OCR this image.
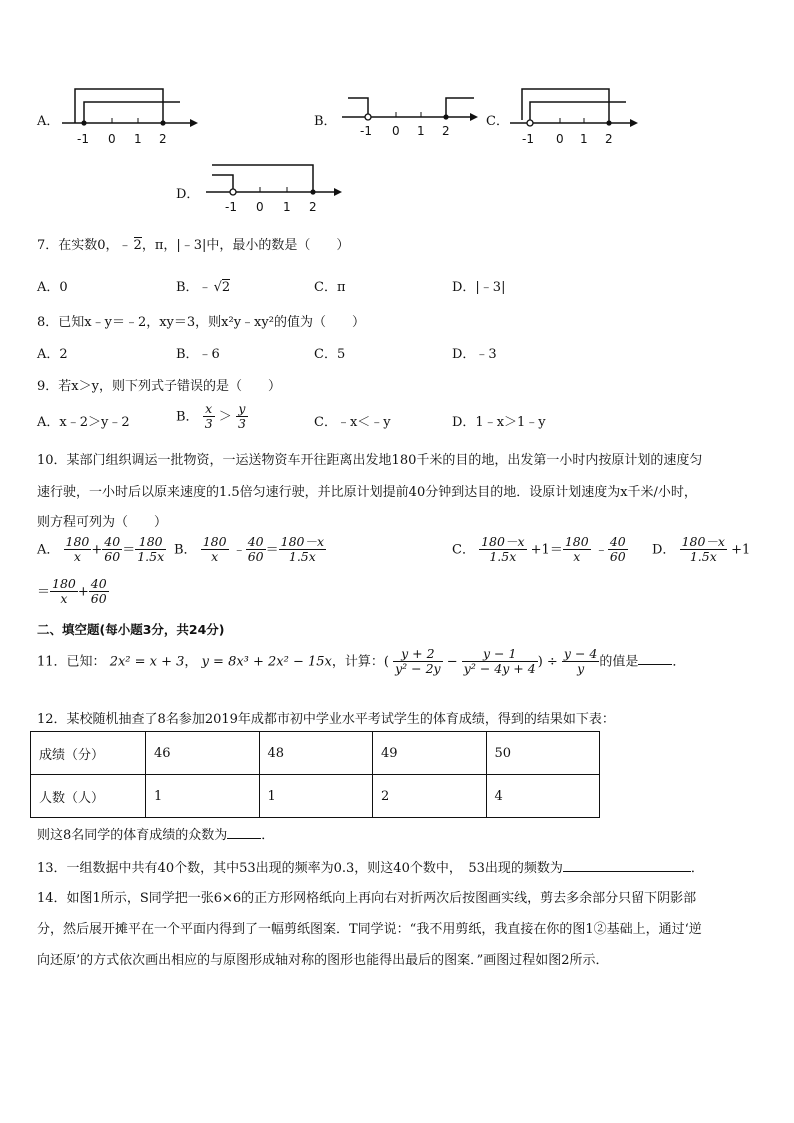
A．
-1 0 1 2
B．
-1 0 1 2
C．
-1 0 1 2
D．
-1 0 1 2
7．在实数0，﹣ 2，π，|﹣3|中，最小的数是（　　）
A．0	B．﹣ √2	C．π	D．|﹣3|
8．已知x﹣y＝﹣2，xy＝3，则x²y﹣xy²的值为（　　）
A．2	B．﹣6	C．5	D．﹣3
9．若x＞y，则下列式子错误的是（　　）
A．x﹣2＞y﹣2	B． $\frac{x}{3} > \frac{y}{3}$	C．﹣x＜﹣y	D．1﹣x＞1﹣y
10．某部门组织调运一批物资，一运送物资车开往距离出发地180千米的目的地，出发第一小时内按原计划的速度匀
速行驶，一小时后以原来速度的1.5倍匀速行驶，并比原计划提前40分钟到达目的地．设原计划速度为x千米/小时，
则方程可列为（　　）
A． $\frac{180}{x} + \frac{40}{60} = \frac{180}{1.5x}$ B． $\frac{180}{x}$ ﹣ $\frac{40}{60} = \frac{180-x}{1.5x}$	C． $\frac{180-x}{1.5x} +1= \frac{180}{x}$ ﹣ $\frac{40}{60}$ D． $\frac{180-x}{1.5x} +1$
＝ $\frac{180}{x} + \frac{40}{60}$
二、填空题(每小题3分，共24分)
11．已知： 2x² = x + 3， y = 8x³ + 2x² − 15x，计算：( $\frac{y + 2}{\text{y² − 2y}} - \frac{y - 1}{\text{y² − 4y + 4}}$ ) ÷ $\frac{y - 4}{y}$ 的值是	．
12．某校随机抽查了8名参加2019年成都市初中学业水平考试学生的体育成绩，得到的结果如下表：
成绩（分）	46	48	49	50
人数（人）	1	1	2	4
则这8名同学的体育成绩的众数为	．
13．一组数据中共有40个数，其中53出现的频率为0.3，则这40个数中，　53出现的频数为	．
14．如图1所示，S同学把一张6×6的正方形网格纸向上再向右对折两次后按图画实线，剪去多余部分只留下阴影部
分，然后展开摊平在一个平面内得到了一幅剪纸图案．T同学说：“我不用剪纸，我直接在你的图1②基础上，通过‘逆
向还原’的方式依次画出相应的与原图形成轴对称的图形也能得出最后的图案．”画图过程如图2所示．
